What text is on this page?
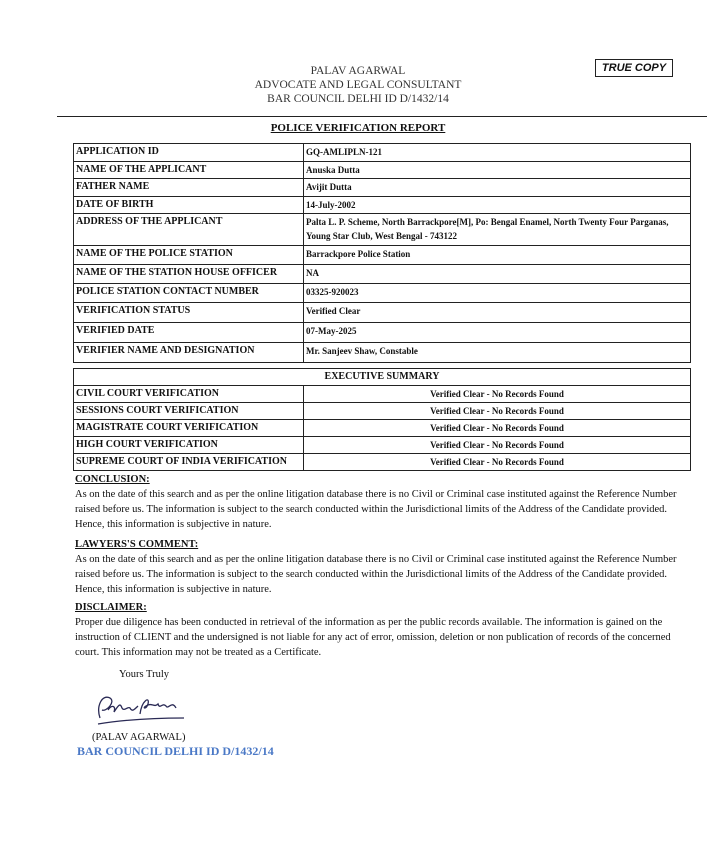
PALAV AGARWAL
ADVOCATE AND LEGAL CONSULTANT
BAR COUNCIL DELHI ID D/1432/14
TRUE COPY
POLICE VERIFICATION REPORT
APPLICATION ID	GQ-AMLIPLN-121
NAME OF THE APPLICANT	Anuska Dutta
FATHER NAME	Avijit Dutta
DATE OF BIRTH	14-July-2002
ADDRESS OF THE APPLICANT	Palta L. P. Scheme, North Barrackpore[M], Po: Bengal Enamel, North Twenty Four Parganas, Young Star Club, West Bengal - 743122
NAME OF THE POLICE STATION	Barrackpore Police Station
NAME OF THE STATION HOUSE OFFICER	NA
POLICE STATION CONTACT NUMBER	03325-920023
VERIFICATION STATUS	Verified Clear
VERIFIED DATE	07-May-2025
VERIFIER NAME AND DESIGNATION	Mr. Sanjeev Shaw, Constable
EXECUTIVE SUMMARY	
CIVIL COURT VERIFICATION	Verified Clear - No Records Found
SESSIONS COURT VERIFICATION	Verified Clear - No Records Found
MAGISTRATE COURT VERIFICATION	Verified Clear - No Records Found
HIGH COURT VERIFICATION	Verified Clear - No Records Found
SUPREME COURT OF INDIA VERIFICATION	Verified Clear - No Records Found
CONCLUSION:

As on the date of this search and as per the online litigation database there is no Civil or Criminal case instituted against the Reference Number raised before us. The information is subject to the search conducted within the Jurisdictional limits of the Address of the Candidate provided. Hence, this information is subjective in nature.

LAWYERS'S COMMENT:

As on the date of this search and as per the online litigation database there is no Civil or Criminal case instituted against the Reference Number raised before us. The information is subject to the search conducted within the Jurisdictional limits of the Address of the Candidate provided. Hence, this information is subjective in nature.

DISCLAIMER:

Proper due diligence has been conducted in retrieval of the information as per the public records available. The information is gained on the instruction of CLIENT and the undersigned is not liable for any act of error, omission, deletion or non publication of records of the concerned court. This information may not be treated as a Certificate.

Yours Truly
(PALAV AGARWAL)
BAR COUNCIL DELHI ID D/1432/14
